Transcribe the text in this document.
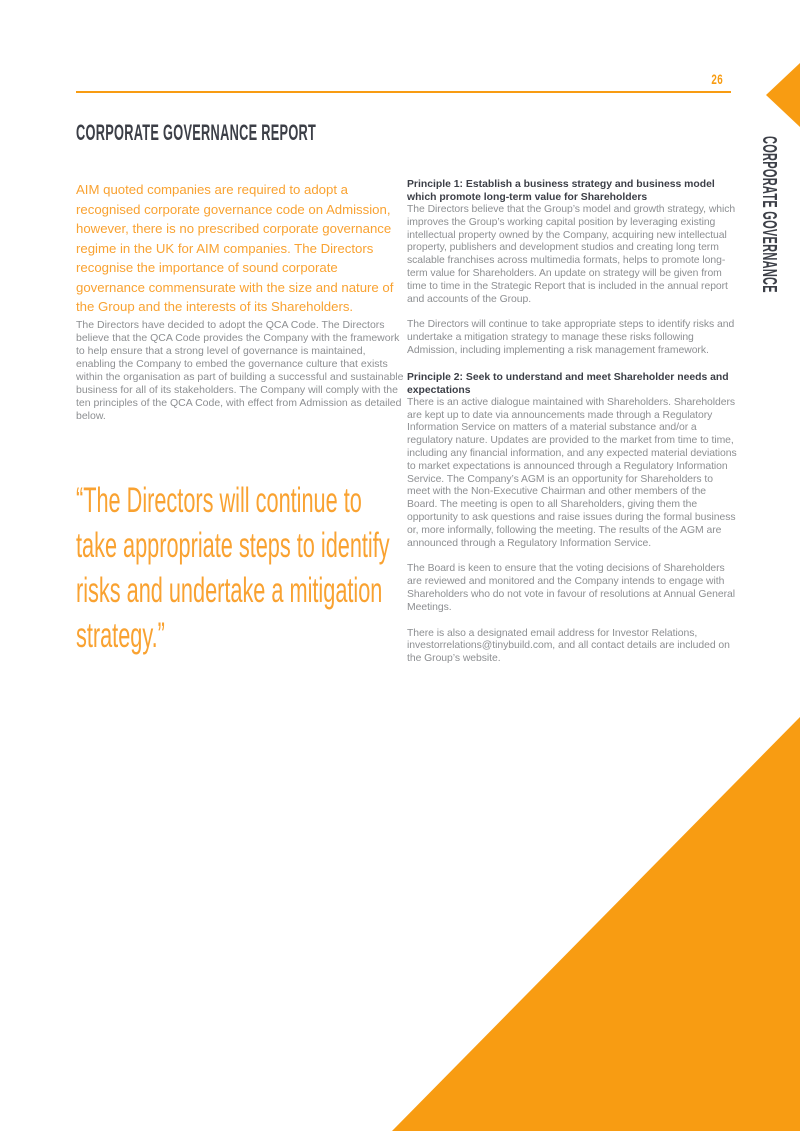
26
CORPORATE GOVERNANCE REPORT
CORPORATE GOVERNANCE

AIM quoted companies are required to adopt a recognised corporate governance code on Admission, however, there is no prescribed corporate governance regime in the UK for AIM companies. The Directors recognise the importance of sound corporate governance commensurate with the size and nature of the Group and the interests of its Shareholders.

The Directors have decided to adopt the QCA Code. The Directors believe that the QCA Code provides the Company with the framework to help ensure that a strong level of governance is maintained, enabling the Company to embed the governance culture that exists within the organisation as part of building a successful and sustainable business for all of its stakeholders. The Company will comply with the ten principles of the QCA Code, with effect from Admission as detailed below.

“The Directors will continue to take appropriate steps to identify risks and undertake a mitigation strategy.”
Principle 1: Establish a business strategy and business model which promote long-term value for Shareholders

The Directors believe that the Group’s model and growth strategy, which improves the Group’s working capital position by leveraging existing intellectual property owned by the Company, acquiring new intellectual property, publishers and development studios and creating long term scalable franchises across multimedia formats, helps to promote long-term value for Shareholders. An update on strategy will be given from time to time in the Strategic Report that is included in the annual report and accounts of the Group.

The Directors will continue to take appropriate steps to identify risks and undertake a mitigation strategy to manage these risks following Admission, including implementing a risk management framework.

Principle 2: Seek to understand and meet Shareholder needs and expectations

There is an active dialogue maintained with Shareholders. Shareholders are kept up to date via announcements made through a Regulatory Information Service on matters of a material substance and/or a regulatory nature. Updates are provided to the market from time to time, including any financial information, and any expected material deviations to market expectations is announced through a Regulatory Information Service. The Company’s AGM is an opportunity for Shareholders to meet with the Non-Executive Chairman and other members of the Board. The meeting is open to all Shareholders, giving them the opportunity to ask questions and raise issues during the formal business or, more informally, following the meeting. The results of the AGM are announced through a Regulatory Information Service.

The Board is keen to ensure that the voting decisions of Shareholders are reviewed and monitored and the Company intends to engage with Shareholders who do not vote in favour of resolutions at Annual General Meetings.

There is also a designated email address for Investor Relations, investorrelations@tinybuild.com, and all contact details are included on the Group’s website.
